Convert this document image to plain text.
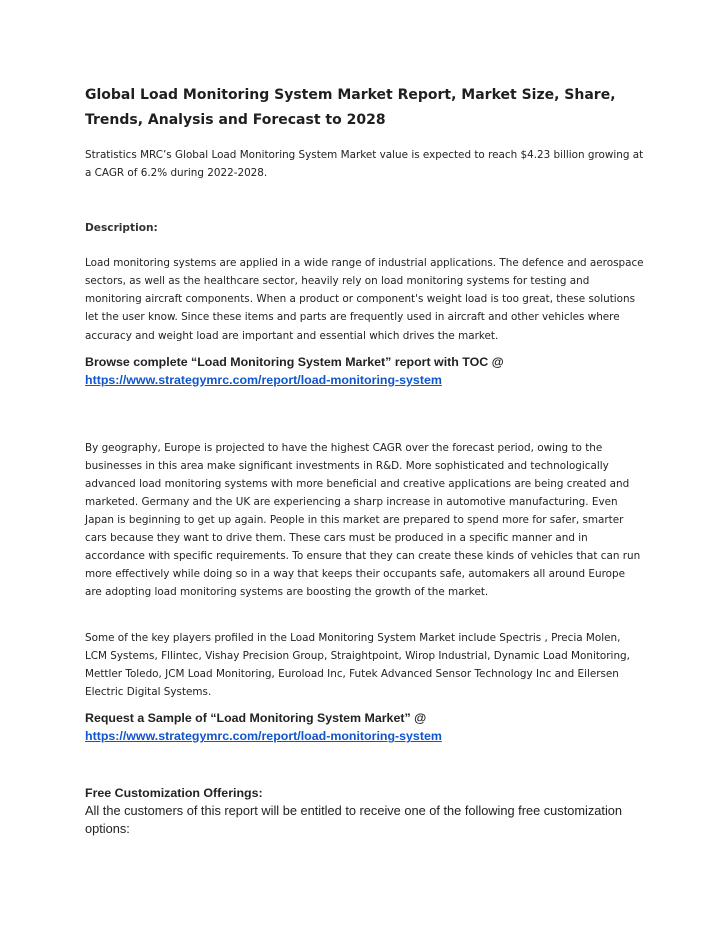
Global Load Monitoring System Market Report, Market Size, Share, Trends, Analysis and Forecast to 2028

Stratistics MRC’s Global Load Monitoring System Market value is expected to reach $4.23 billion growing at a CAGR of 6.2% during 2022-2028.

Description:

Load monitoring systems are applied in a wide range of industrial applications. The defence and aerospace sectors, as well as the healthcare sector, heavily rely on load monitoring systems for testing and monitoring aircraft components. When a product or component's weight load is too great, these solutions let the user know. Since these items and parts are frequently used in aircraft and other vehicles where accuracy and weight load are important and essential which drives the market.

Browse complete “Load Monitoring System Market” report with TOC @

https://www.strategymrc.com/report/load-monitoring-system

By geography, Europe is projected to have the highest CAGR over the forecast period, owing to the businesses in this area make significant investments in R&D. More sophisticated and technologically advanced load monitoring systems with more beneficial and creative applications are being created and marketed. Germany and the UK are experiencing a sharp increase in automotive manufacturing. Even Japan is beginning to get up again. People in this market are prepared to spend more for safer, smarter cars because they want to drive them. These cars must be produced in a specific manner and in accordance with specific requirements. To ensure that they can create these kinds of vehicles that can run more effectively while doing so in a way that keeps their occupants safe, automakers all around Europe are adopting load monitoring systems are boosting the growth of the market.

Some of the key players profiled in the Load Monitoring System Market include Spectris , Precia Molen, LCM Systems, Fllintec, Vishay Precision Group, Straightpoint, Wirop Industrial, Dynamic Load Monitoring, Mettler Toledo, JCM Load Monitoring, Euroload Inc, Futek Advanced Sensor Technology Inc and Eilersen Electric Digital Systems.

Request a Sample of “Load Monitoring System Market” @

https://www.strategymrc.com/report/load-monitoring-system

Free Customization Offerings:

All the customers of this report will be entitled to receive one of the following free customization options:
